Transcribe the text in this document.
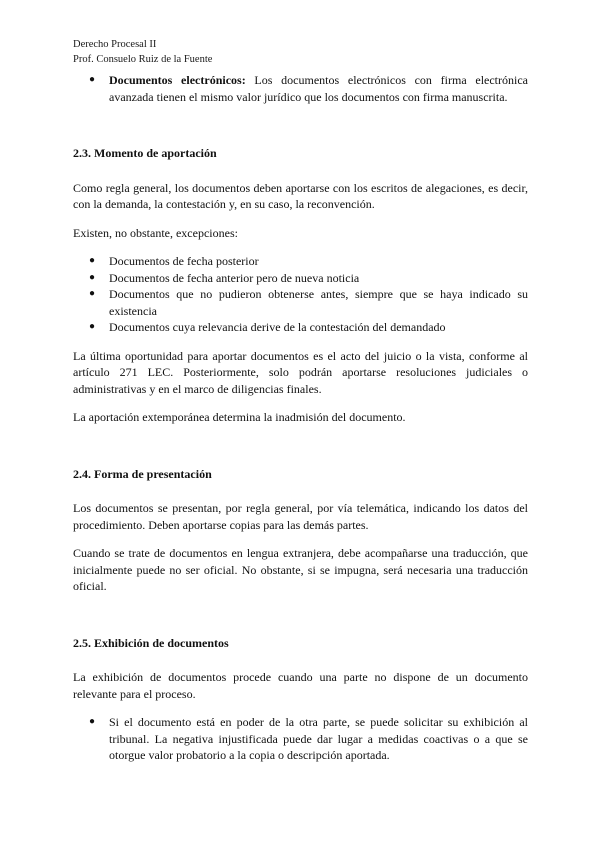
Derecho Procesal II
Prof. Consuelo Ruiz de la Fuente
● Documentos electrónicos: Los documentos electrónicos con firma electrónica avanzada tienen el mismo valor jurídico que los documentos con firma manuscrita.
2.3. Momento de aportación

Como regla general, los documentos deben aportarse con los escritos de alegaciones, es decir, con la demanda, la contestación y, en su caso, la reconvención.

Existen, no obstante, excepciones:

● Documentos de fecha posterior
● Documentos de fecha anterior pero de nueva noticia
● Documentos que no pudieron obtenerse antes, siempre que se haya indicado su existencia
● Documentos cuya relevancia derive de la contestación del demandado

La última oportunidad para aportar documentos es el acto del juicio o la vista, conforme al artículo 271 LEC. Posteriormente, solo podrán aportarse resoluciones judiciales o administrativas y en el marco de diligencias finales.

La aportación extemporánea determina la inadmisión del documento.

2.4. Forma de presentación

Los documentos se presentan, por regla general, por vía telemática, indicando los datos del procedimiento. Deben aportarse copias para las demás partes.

Cuando se trate de documentos en lengua extranjera, debe acompañarse una traducción, que inicialmente puede no ser oficial. No obstante, si se impugna, será necesaria una traducción oficial.

2.5. Exhibición de documentos

La exhibición de documentos procede cuando una parte no dispone de un documento relevante para el proceso.

● Si el documento está en poder de la otra parte, se puede solicitar su exhibición al tribunal. La negativa injustificada puede dar lugar a medidas coactivas o a que se otorgue valor probatorio a la copia o descripción aportada.
